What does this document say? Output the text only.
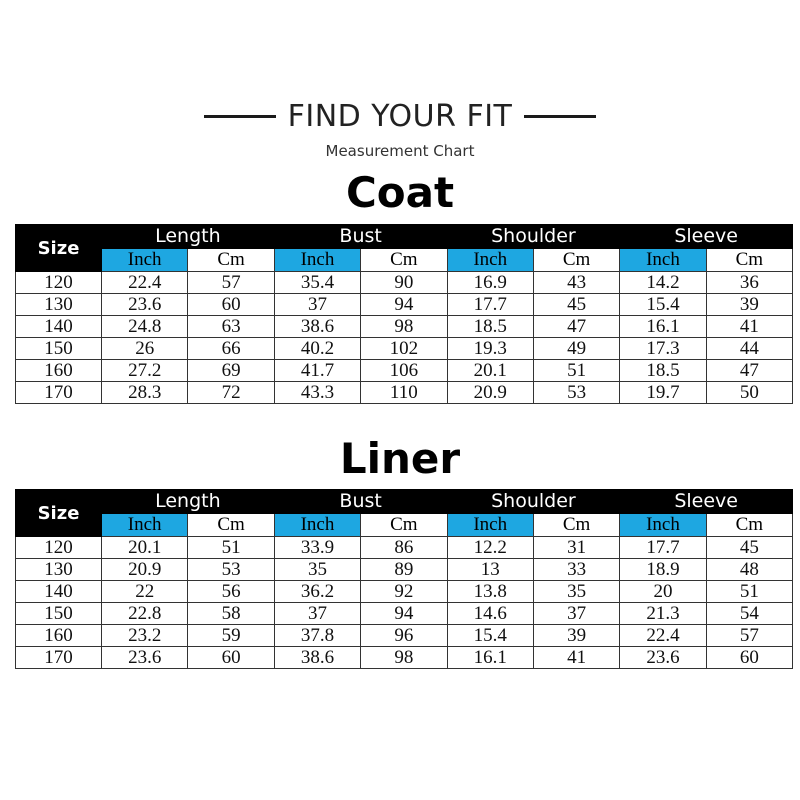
FIND YOUR FIT
Measurement Chart
Coat
Size	Length		Bust		Shoulder		Sleeve	
	Inch	Cm	Inch	Cm	Inch	Cm	Inch	Cm
120	22.4	57	35.4	90	16.9	43	14.2	36
130	23.6	60	37	94	17.7	45	15.4	39
140	24.8	63	38.6	98	18.5	47	16.1	41
150	26	66	40.2	102	19.3	49	17.3	44
160	27.2	69	41.7	106	20.1	51	18.5	47
170	28.3	72	43.3	110	20.9	53	19.7	50
Liner
Size	Length		Bust		Shoulder		Sleeve	
	Inch	Cm	Inch	Cm	Inch	Cm	Inch	Cm
120	20.1	51	33.9	86	12.2	31	17.7	45
130	20.9	53	35	89	13	33	18.9	48
140	22	56	36.2	92	13.8	35	20	51
150	22.8	58	37	94	14.6	37	21.3	54
160	23.2	59	37.8	96	15.4	39	22.4	57
170	23.6	60	38.6	98	16.1	41	23.6	60
